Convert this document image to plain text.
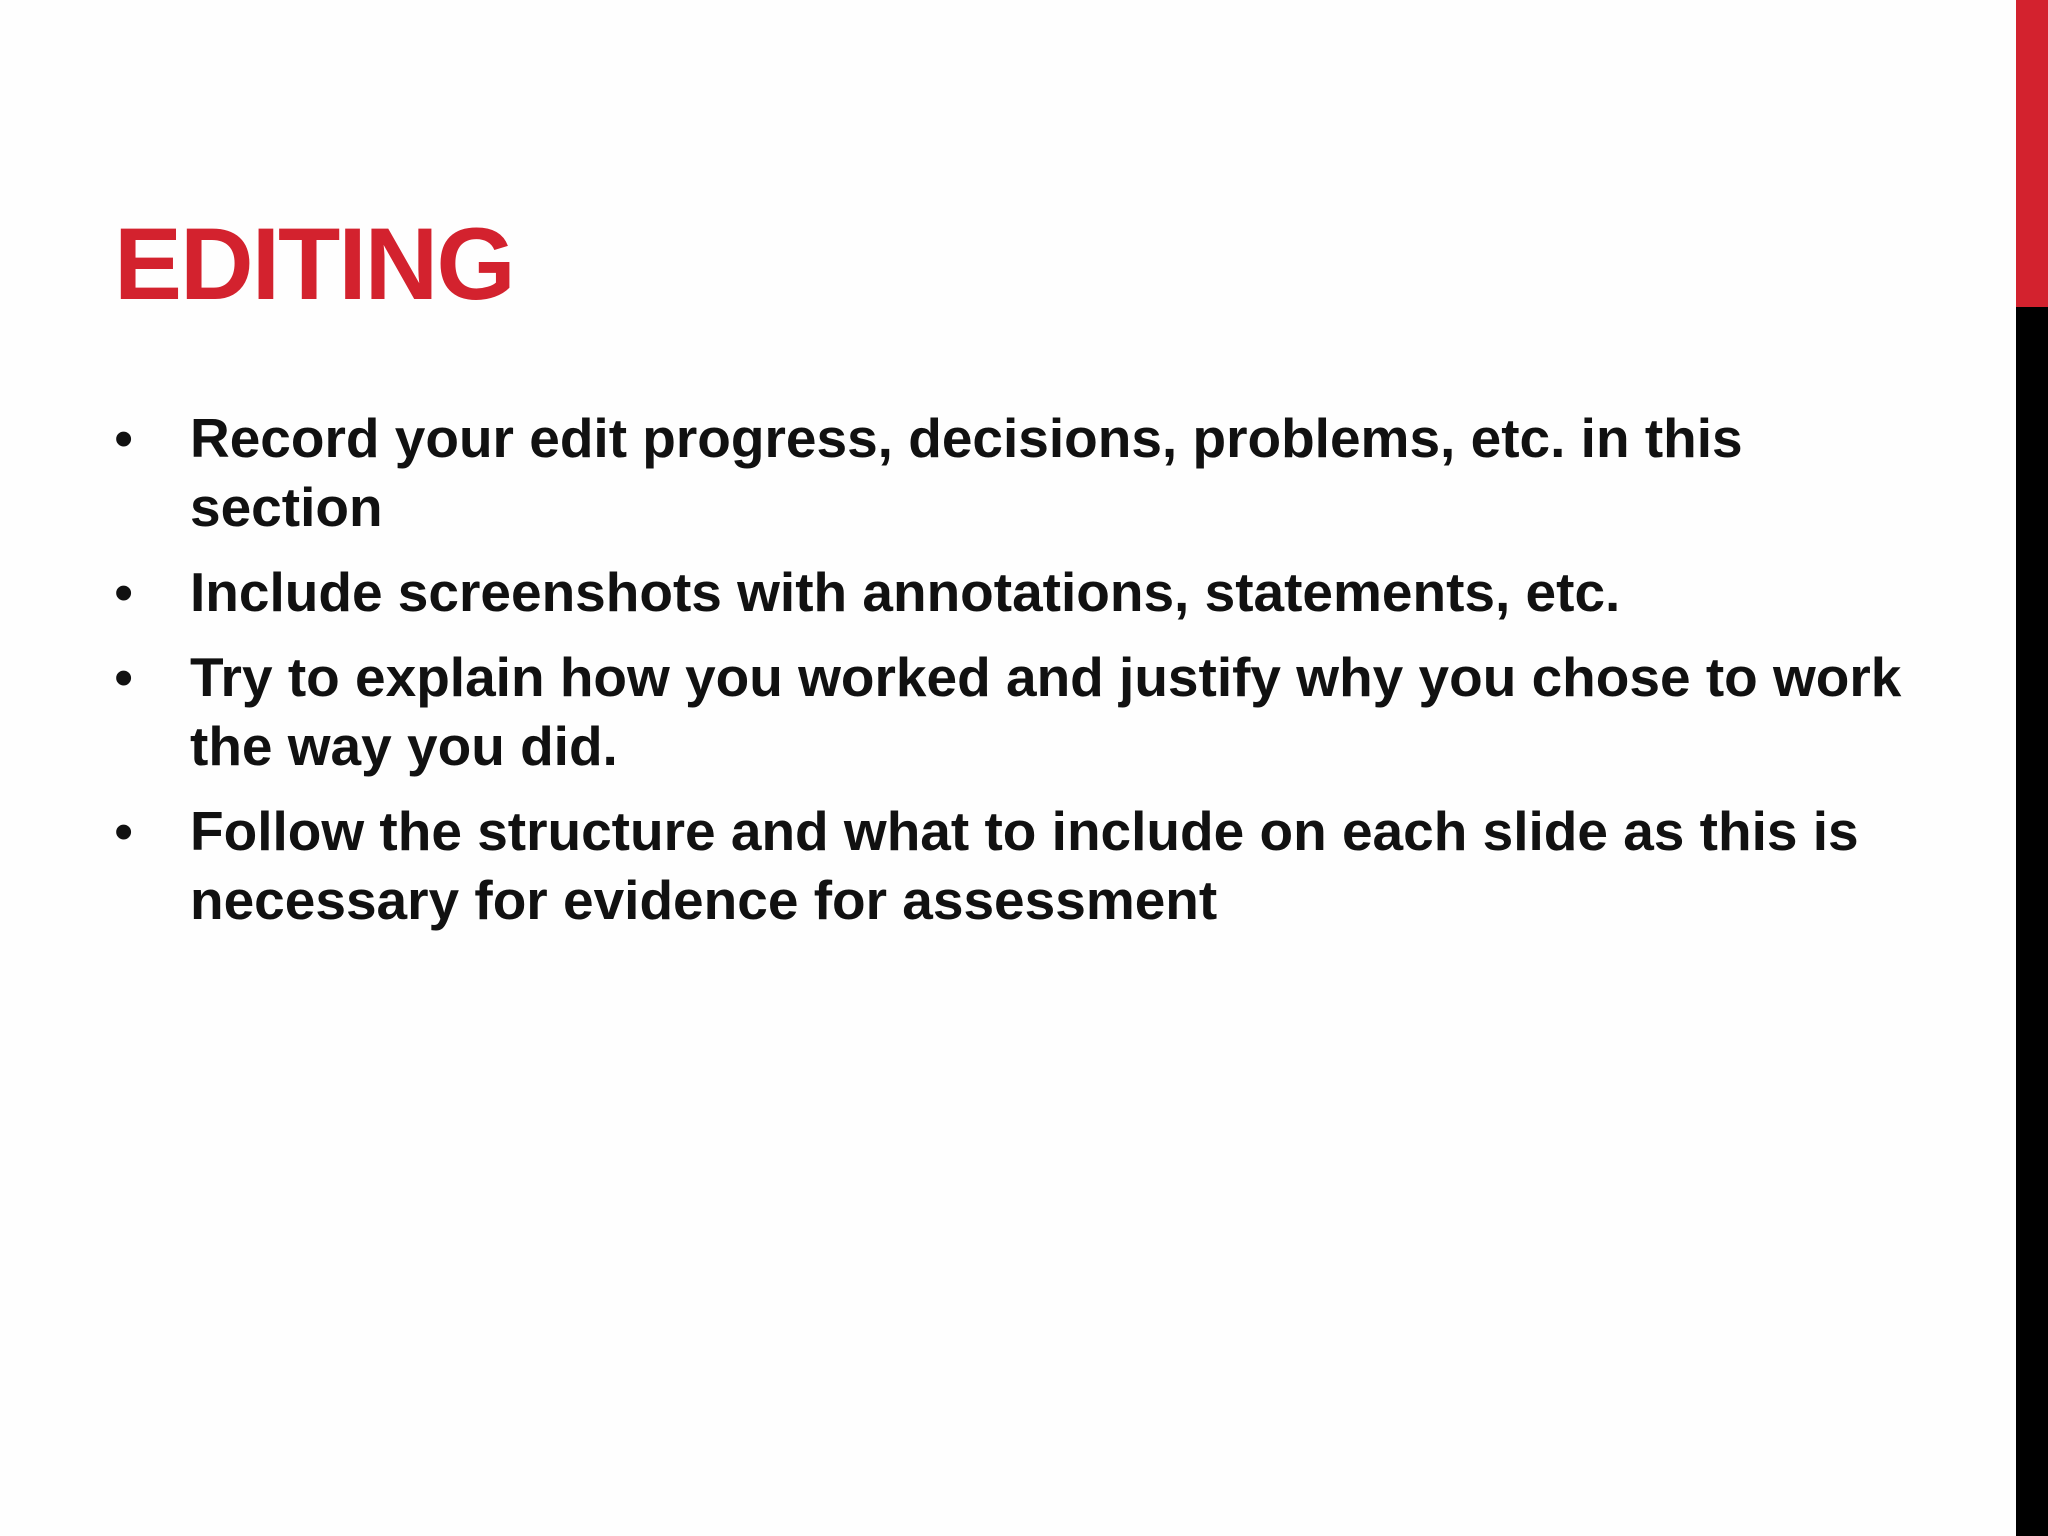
EDITING
•	Record your edit progress, decisions, problems, etc. in this section
•	Include screenshots with annotations, statements, etc.
•	Try to explain how you worked and justify why you chose to work the way you did.
•	Follow the structure and what to include on each slide as this is necessary for evidence for assessment
